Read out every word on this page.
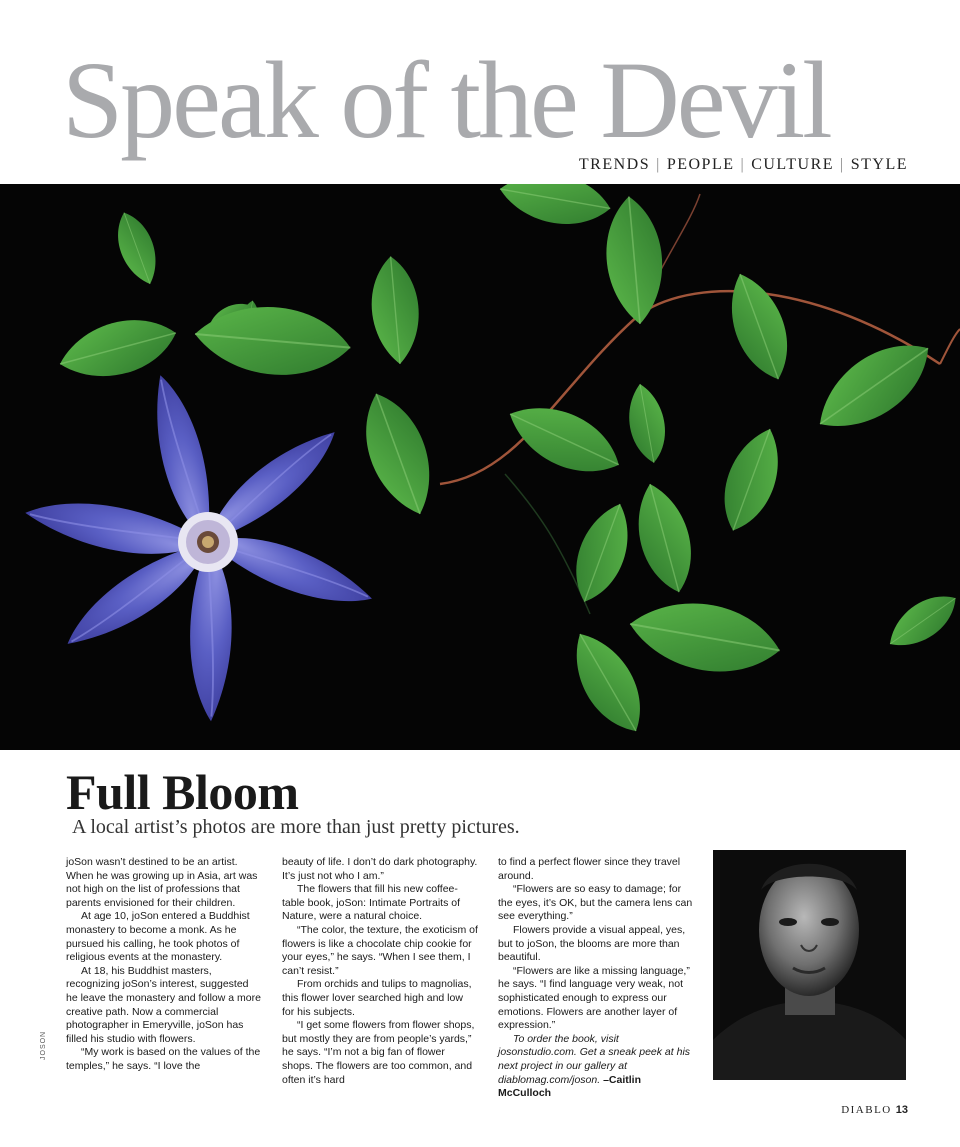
Speak of the Devil
TRENDS | PEOPLE | CULTURE | STYLE
Full Bloom
A local artist’s photos are more than just pretty pictures.

joSon wasn’t destined to be an artist. When he was growing up in Asia, art was not high on the list of professions that parents envisioned for their children.

At age 10, joSon entered a Buddhist monastery to become a monk. As he pursued his calling, he took photos of religious events at the monastery.

At 18, his Buddhist masters, recognizing joSon’s interest, suggested he leave the monastery and follow a more creative path. Now a commercial photographer in Emeryville, joSon has filled his studio with flowers.

“My work is based on the values of the temples,” he says. “I love the

beauty of life. I don’t do dark photography. It’s just not who I am.”

The flowers that fill his new coffee-table book, joSon: Intimate Portraits of Nature, were a natural choice.

“The color, the texture, the exoticism of flowers is like a chocolate chip cookie for your eyes,” he says. “When I see them, I can’t resist.”

From orchids and tulips to magnolias, this flower lover searched high and low for his subjects.

“I get some flowers from flower shops, but mostly they are from people’s yards,” he says. “I’m not a big fan of flower shops. The flowers are too common, and often it’s hard

to find a perfect flower since they travel around.

“Flowers are so easy to damage; for the eyes, it’s OK, but the camera lens can see everything.”

Flowers provide a visual appeal, yes, but to joSon, the blooms are more than beautiful.

“Flowers are like a missing language,” he says. “I find language very weak, not sophisticated enough to express our emotions. Flowers are another layer of expression.”

To order the book, visit josonstudio.com. Get a sneak peek at his next project in our gallery at diablomag.com/joson. –Caitlin McCulloch

JOSON
DIABLO 13
